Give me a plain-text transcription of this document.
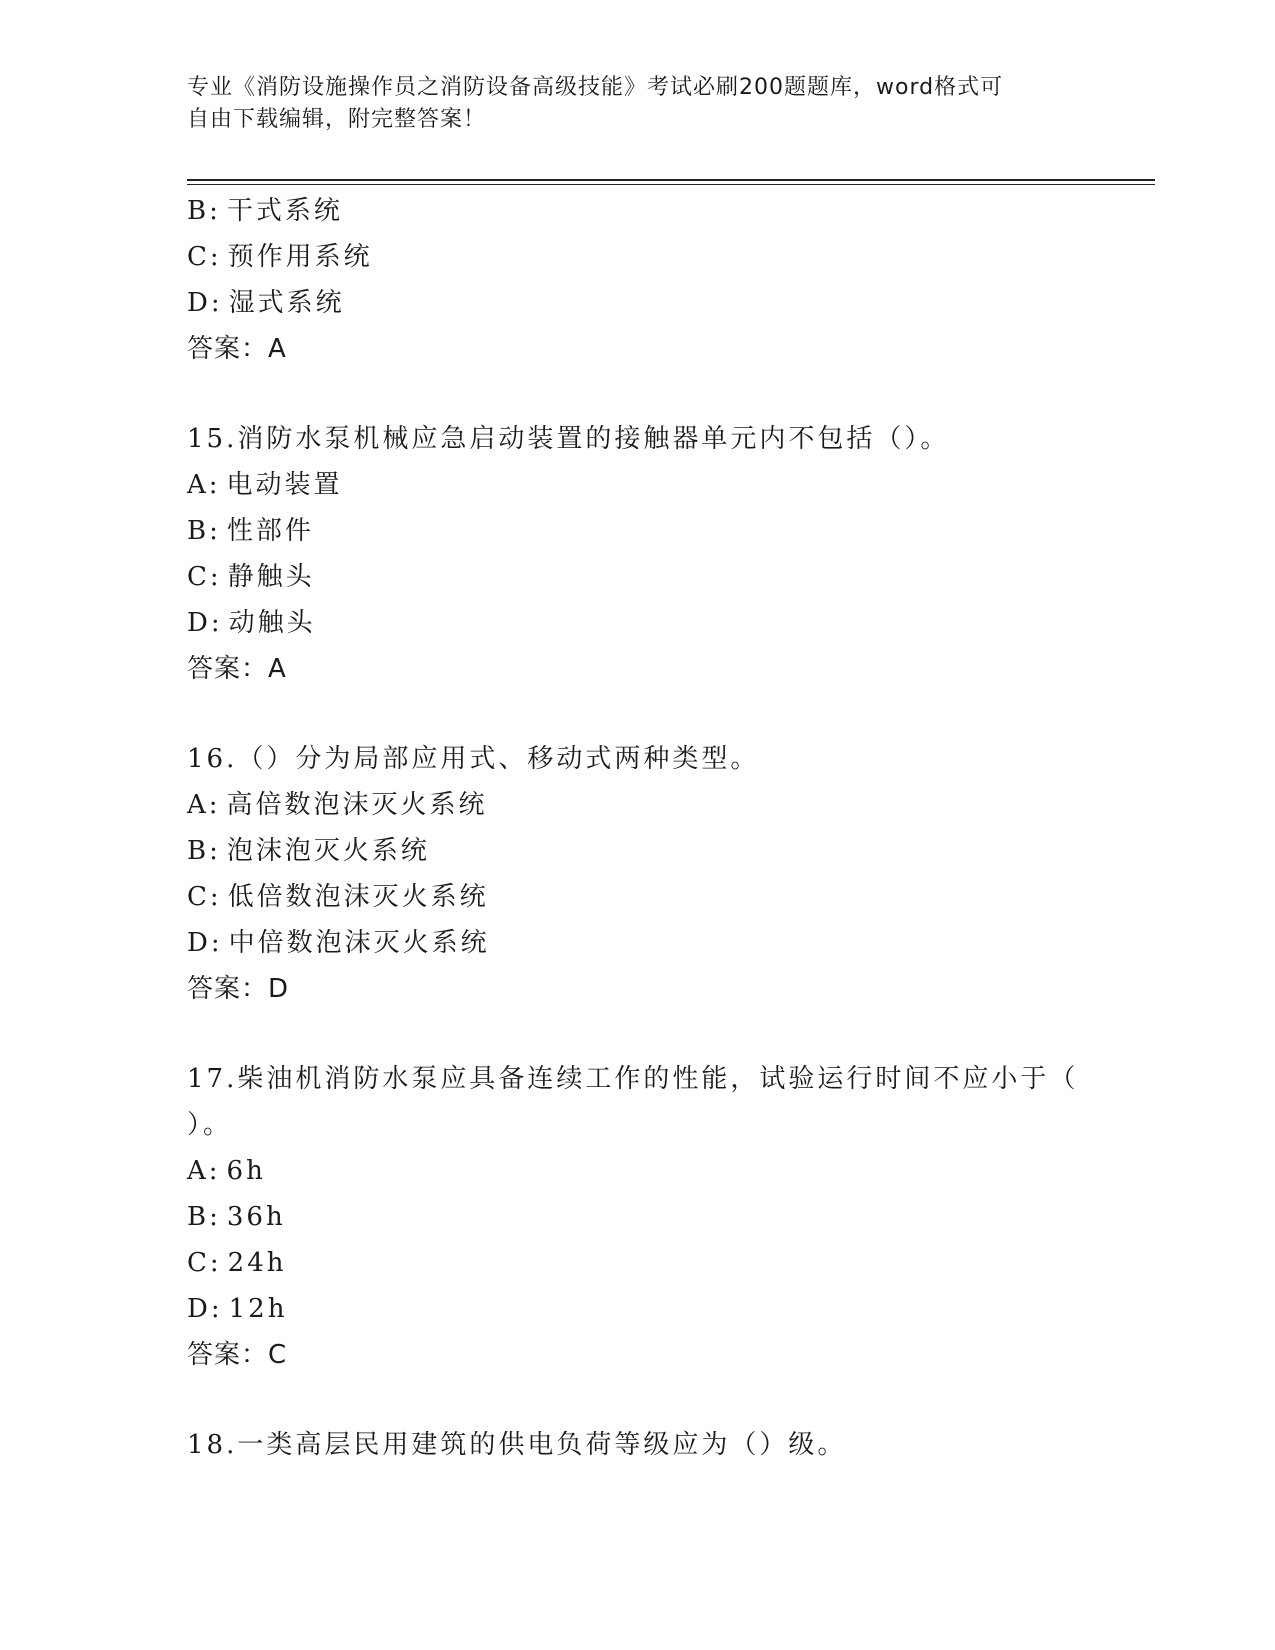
专业《消防设施操作员之消防设备高级技能》考试必刷200题题库，word格式可
自由下载编辑，附完整答案！
B: 干式系统
C: 预作用系统
D: 湿式系统
答案：A
15.消防水泵机械应急启动装置的接触器单元内不包括（）。
A: 电动装置
B: 性部件
C: 静触头
D: 动触头
答案：A
16.（）分为局部应用式、移动式两种类型。
A: 高倍数泡沫灭火系统
B: 泡沫泡灭火系统
C: 低倍数泡沫灭火系统
D: 中倍数泡沫灭火系统
答案：D
17.柴油机消防水泵应具备连续工作的性能，试验运行时间不应小于（
）。
A: 6h
B: 36h
C: 24h
D: 12h
答案：C
18.一类高层民用建筑的供电负荷等级应为（）级。
